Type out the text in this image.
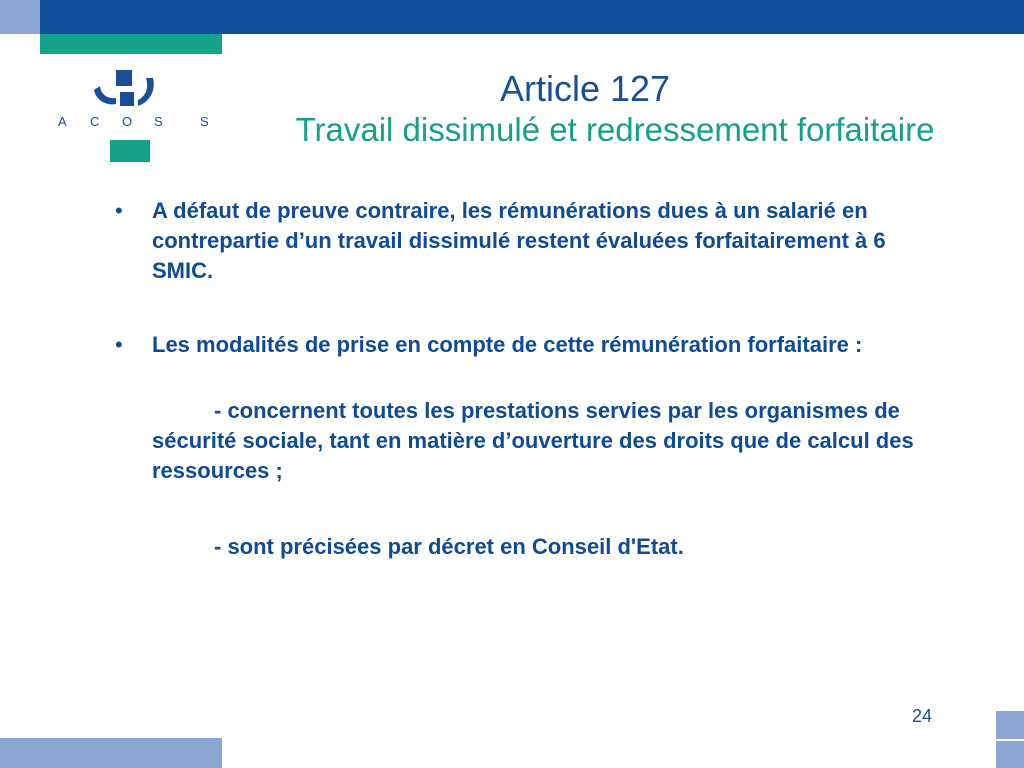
A C O S	S
Article 127
Travail dissimulé et redressement forfaitaire
• A défaut de preuve contraire, les rémunérations dues à un salarié en contrepartie d’un travail dissimulé restent évaluées forfaitairement à 6 SMIC.
• Les modalités de prise en compte de cette rémunération forfaitaire :
- concernent toutes les prestations servies par les organismes de sécurité sociale, tant en matière d’ouverture des droits que de calcul des ressources ;
- sont précisées par décret en Conseil d'Etat.
24
